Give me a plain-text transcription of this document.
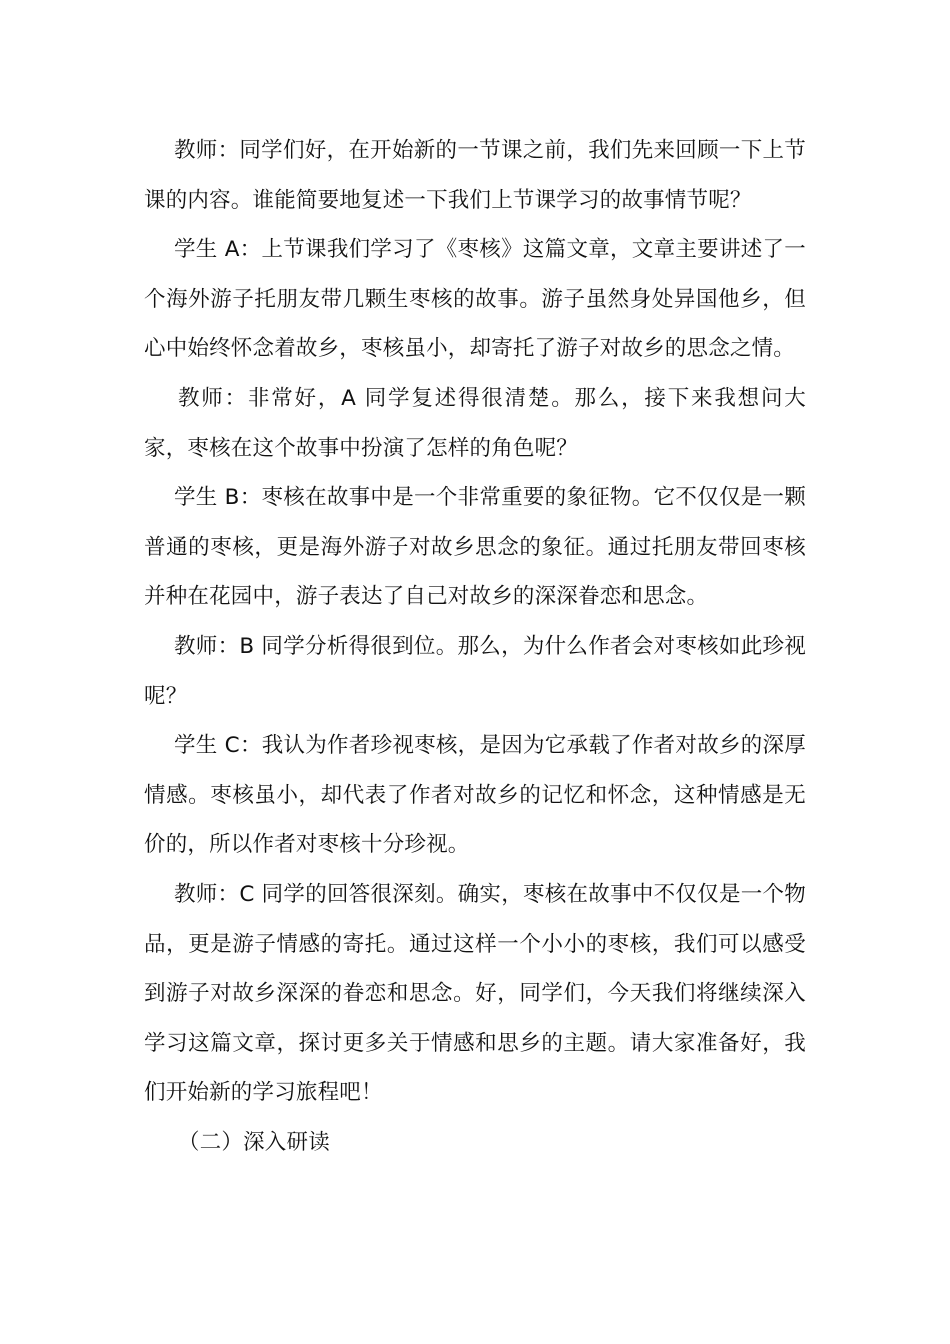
教师：同学们好，在开始新的一节课之前，我们先来回顾一下上节课的内容。谁能简要地复述一下我们上节课学习的故事情节呢？

学生 A：上节课我们学习了《枣核》这篇文章，文章主要讲述了一个海外游子托朋友带几颗生枣核的故事。游子虽然身处异国他乡，但心中始终怀念着故乡，枣核虽小，却寄托了游子对故乡的思念之情。

教师：非常好，A 同学复述得很清楚。那么，接下来我想问大家，枣核在这个故事中扮演了怎样的角色呢？

学生 B：枣核在故事中是一个非常重要的象征物。它不仅仅是一颗普通的枣核，更是海外游子对故乡思念的象征。通过托朋友带回枣核并种在花园中，游子表达了自己对故乡的深深眷恋和思念。

教师：B 同学分析得很到位。那么，为什么作者会对枣核如此珍视呢？

学生 C：我认为作者珍视枣核，是因为它承载了作者对故乡的深厚情感。枣核虽小，却代表了作者对故乡的记忆和怀念，这种情感是无价的，所以作者对枣核十分珍视。

教师：C 同学的回答很深刻。确实，枣核在故事中不仅仅是一个物品，更是游子情感的寄托。通过这样一个小小的枣核，我们可以感受到游子对故乡深深的眷恋和思念。好，同学们，今天我们将继续深入学习这篇文章，探讨更多关于情感和思乡的主题。请大家准备好，我们开始新的学习旅程吧！

（二）深入研读
